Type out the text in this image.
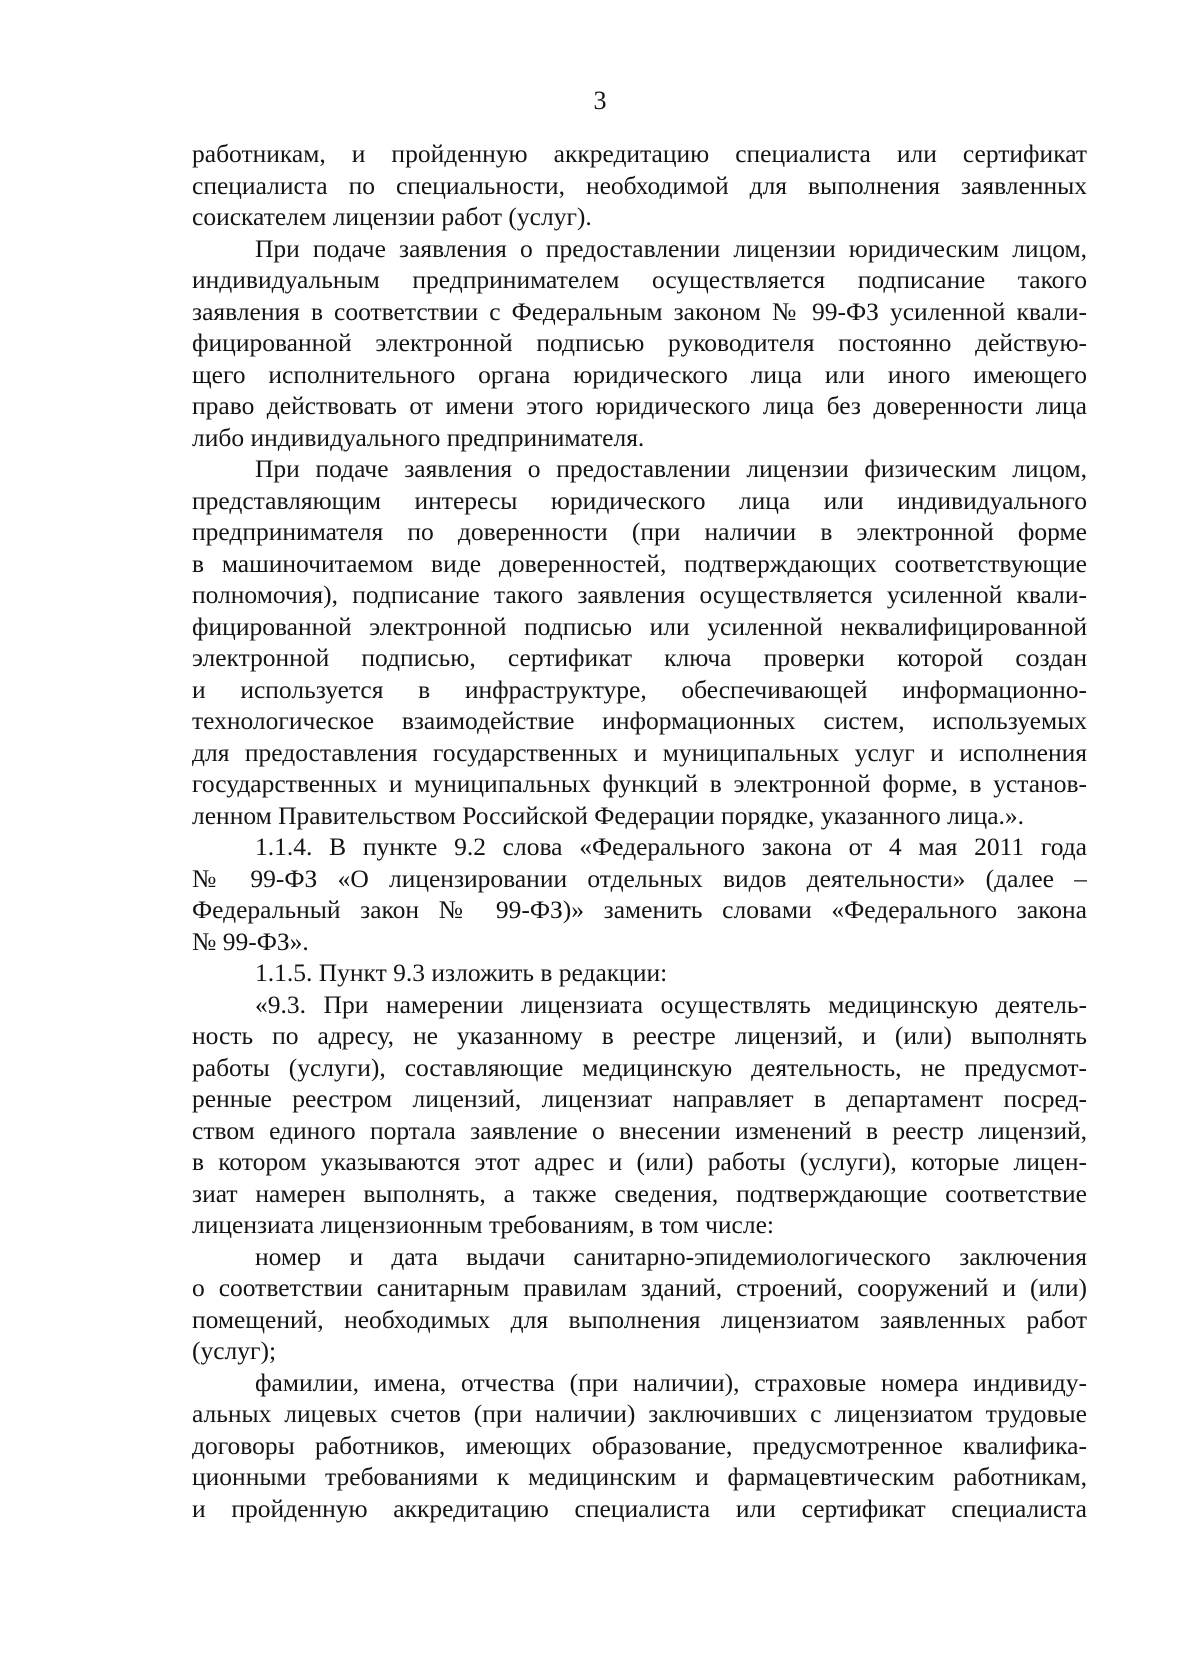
3
работникам, и пройденную аккредитацию специалиста или сертификат
специалиста по специальности, необходимой для выполнения заявленных
соискателем лицензии работ (услуг).
При подаче заявления о предоставлении лицензии юридическим лицом,
индивидуальным предпринимателем осуществляется подписание такого
заявления в соответствии с Федеральным законом № 99-ФЗ усиленной квали-
фицированной электронной подписью руководителя постоянно действую-
щего исполнительного органа юридического лица или иного имеющего
право действовать от имени этого юридического лица без доверенности лица
либо индивидуального предпринимателя.
При подаче заявления о предоставлении лицензии физическим лицом,
представляющим интересы юридического лица или индивидуального
предпринимателя по доверенности (при наличии в электронной форме
в машиночитаемом виде доверенностей, подтверждающих соответствующие
полномочия), подписание такого заявления осуществляется усиленной квали-
фицированной электронной подписью или усиленной неквалифицированной
электронной подписью, сертификат ключа проверки которой создан
и используется в инфраструктуре, обеспечивающей информационно-
технологическое взаимодействие информационных систем, используемых
для предоставления государственных и муниципальных услуг и исполнения
государственных и муниципальных функций в электронной форме, в установ-
ленном Правительством Российской Федерации порядке, указанного лица.».
1.1.4. В пункте 9.2 слова «Федерального закона от 4 мая 2011 года
№ 99-ФЗ «О лицензировании отдельных видов деятельности» (далее –
Федеральный закон № 99-ФЗ)» заменить словами «Федерального закона
№ 99-ФЗ».
1.1.5. Пункт 9.3 изложить в редакции:
«9.3. При намерении лицензиата осуществлять медицинскую деятель-
ность по адресу, не указанному в реестре лицензий, и (или) выполнять
работы (услуги), составляющие медицинскую деятельность, не предусмот-
ренные реестром лицензий, лицензиат направляет в департамент посред-
ством единого портала заявление о внесении изменений в реестр лицензий,
в котором указываются этот адрес и (или) работы (услуги), которые лицен-
зиат намерен выполнять, а также сведения, подтверждающие соответствие
лицензиата лицензионным требованиям, в том числе:
номер и дата выдачи санитарно-эпидемиологического заключения
о соответствии санитарным правилам зданий, строений, сооружений и (или)
помещений, необходимых для выполнения лицензиатом заявленных работ
(услуг);
фамилии, имена, отчества (при наличии), страховые номера индивиду-
альных лицевых счетов (при наличии) заключивших с лицензиатом трудовые
договоры работников, имеющих образование, предусмотренное квалифика-
ционными требованиями к медицинским и фармацевтическим работникам,
и пройденную аккредитацию специалиста или сертификат специалиста
